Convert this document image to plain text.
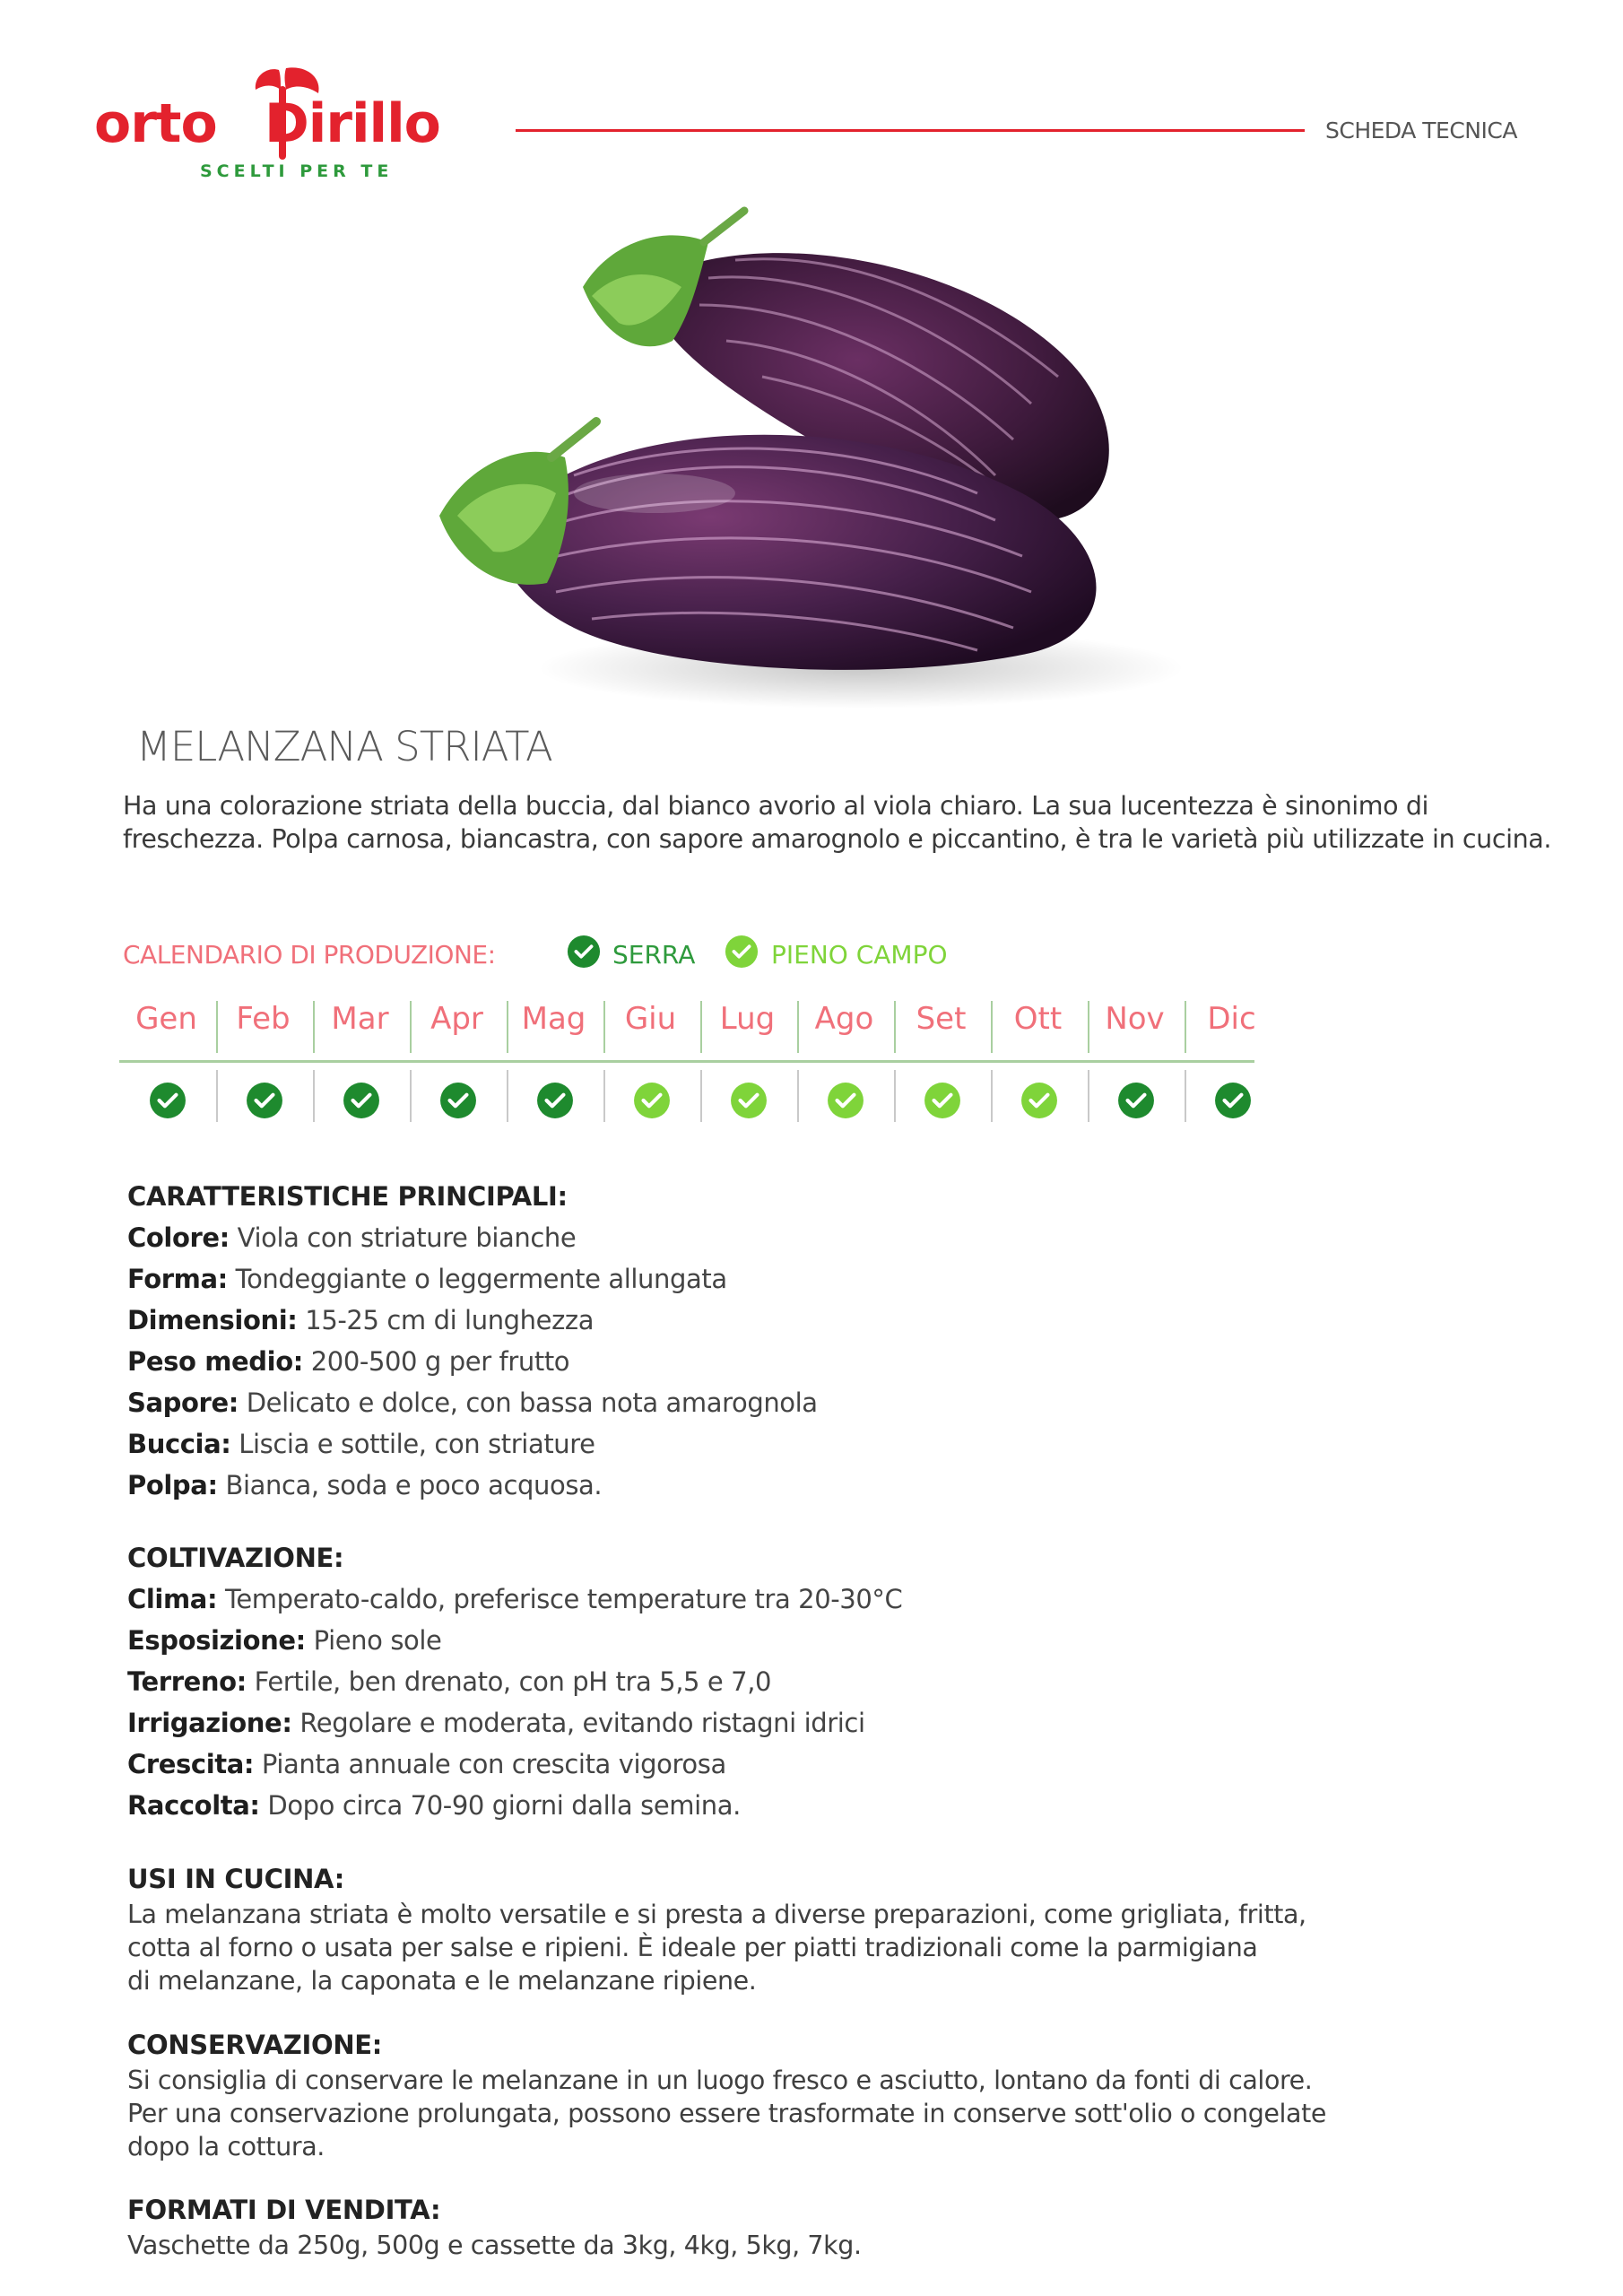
orto Dirillo
SCELTI PER TE
SCHEDA TECNICA
MELANZANA STRIATA
Ha una colorazione striata della buccia, dal bianco avorio al viola chiaro. La sua lucentezza è sinonimo di freschezza. Polpa carnosa, biancastra, con sapore amarognolo e piccantino, è tra le varietà più utilizzate in cucina.
CALENDARIO DI PRODUZIONE:	SERRA	PIENO CAMPO
Gen	Feb	Mar	Apr	Mag	Giu	Lug	Ago	Set	Ott	Nov	Dic
CARATTERISTICHE PRINCIPALI:
Colore: Viola con striature bianche
Forma: Tondeggiante o leggermente allungata
Dimensioni: 15-25 cm di lunghezza
Peso medio: 200-500 g per frutto
Sapore: Delicato e dolce, con bassa nota amarognola
Buccia: Liscia e sottile, con striature
Polpa: Bianca, soda e poco acquosa.
COLTIVAZIONE:
Clima: Temperato-caldo, preferisce temperature tra 20-30°C
Esposizione: Pieno sole
Terreno: Fertile, ben drenato, con pH tra 5,5 e 7,0
Irrigazione: Regolare e moderata, evitando ristagni idrici
Crescita: Pianta annuale con crescita vigorosa
Raccolta: Dopo circa 70-90 giorni dalla semina.
USI IN CUCINA:
La melanzana striata è molto versatile e si presta a diverse preparazioni, come grigliata, fritta,
cotta al forno o usata per salse e ripieni. È ideale per piatti tradizionali come la parmigiana
di melanzane, la caponata e le melanzane ripiene.
CONSERVAZIONE:
Si consiglia di conservare le melanzane in un luogo fresco e asciutto, lontano da fonti di calore.
Per una conservazione prolungata, possono essere trasformate in conserve sott'olio o congelate
dopo la cottura.
FORMATI DI VENDITA:
Vaschette da 250g, 500g e cassette da 3kg, 4kg, 5kg, 7kg.
